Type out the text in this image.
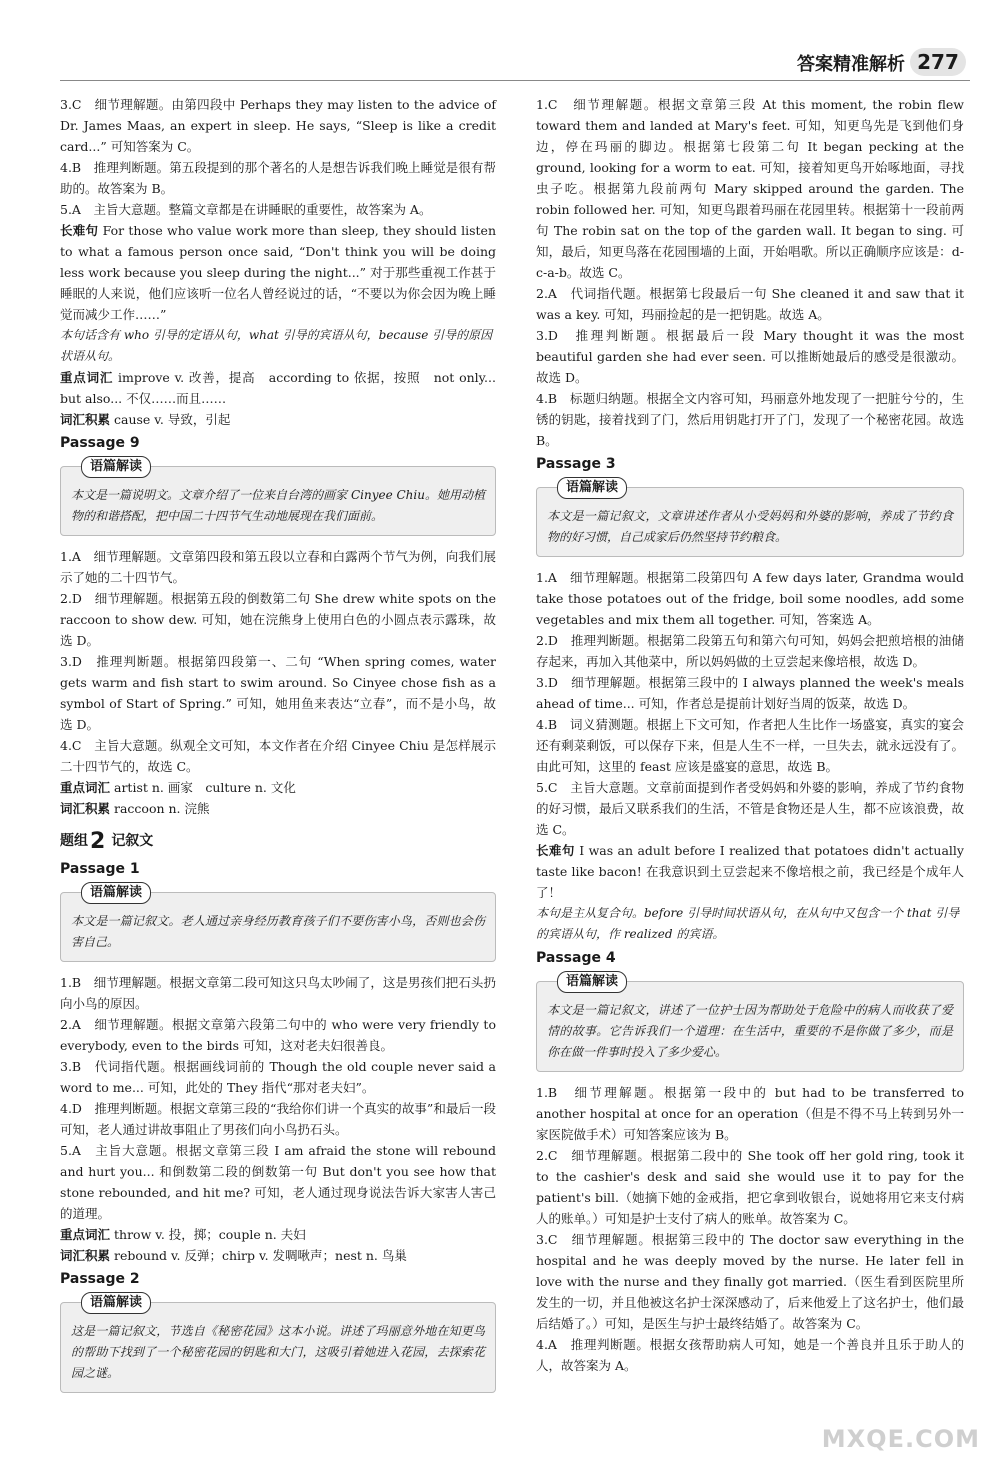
答案精准解析 277

3.C　细节理解题。由第四段中 Perhaps they may listen to the advice of Dr. James Maas, an expert in sleep. He says, “Sleep is like a credit card...” 可知答案为 C。

4.B　推理判断题。第五段提到的那个著名的人是想告诉我们晚上睡觉是很有帮助的。故答案为 B。

5.A　主旨大意题。整篇文章都是在讲睡眠的重要性，故答案为 A。

长难句 For those who value work more than sleep, they should listen to what a famous person once said, “Don't think you will be doing less work because you sleep during the night...” 对于那些重视工作甚于睡眠的人来说，他们应该听一位名人曾经说过的话，“不要以为你会因为晚上睡觉而减少工作……”

本句话含有 who 引导的定语从句，what 引导的宾语从句，because 引导的原因状语从句。

重点词汇 improve v. 改善，提高　according to 依据，按照　not only... but also... 不仅……而且……

词汇积累 cause v. 导致，引起

Passage 9
语篇解读
本文是一篇说明文。文章介绍了一位来自台湾的画家 Cinyee Chiu。她用动植物的和谐搭配，把中国二十四节气生动地展现在我们面前。

1.A　细节理解题。文章第四段和第五段以立春和白露两个节气为例，向我们展示了她的二十四节气。

2.D　细节理解题。根据第五段的倒数第二句 She drew white spots on the raccoon to show dew. 可知，她在浣熊身上使用白色的小圆点表示露珠，故选 D。

3.D　推理判断题。根据第四段第一、二句 “When spring comes, water gets warm and fish start to swim around. So Cinyee chose fish as a symbol of Start of Spring.” 可知，她用鱼来表达“立春”，而不是小鸟，故选 D。

4.C　主旨大意题。纵观全文可知，本文作者在介绍 Cinyee Chiu 是怎样展示二十四节气的，故选 C。

重点词汇 artist n. 画家　culture n. 文化

词汇积累 raccoon n. 浣熊

题组 2 记叙文
Passage 1
语篇解读
本文是一篇记叙文。老人通过亲身经历教育孩子们不要伤害小鸟，否则也会伤害自己。

1.B　细节理解题。根据文章第二段可知这只鸟太吵闹了，这是男孩们把石头扔向小鸟的原因。

2.A　细节理解题。根据文章第六段第二句中的 who were very friendly to everybody, even to the birds 可知，这对老夫妇很善良。

3.B　代词指代题。根据画线词前的 Though the old couple never said a word to me... 可知，此处的 They 指代“那对老夫妇”。

4.D　推理判断题。根据文章第三段的“我给你们讲一个真实的故事”和最后一段可知，老人通过讲故事阻止了男孩们向小鸟扔石头。

5.A　主旨大意题。根据文章第三段 I am afraid the stone will rebound and hurt you... 和倒数第二段的倒数第一句 But don't you see how that stone rebounded, and hit me? 可知，老人通过现身说法告诉大家害人害己的道理。

重点词汇 throw v. 投，掷；couple n. 夫妇

词汇积累 rebound v. 反弹；chirp v. 发啁啾声；nest n. 鸟巢

Passage 2
语篇解读
这是一篇记叙文，节选自《秘密花园》这本小说。讲述了玛丽意外地在知更鸟的帮助下找到了一个秘密花园的钥匙和大门，这吸引着她进入花园，去探索花园之谜。

1.C　细节理解题。根据文章第三段 At this moment, the robin flew toward them and landed at Mary's feet. 可知，知更鸟先是飞到他们身边，停在玛丽的脚边。根据第七段第二句 It began pecking at the ground, looking for a worm to eat. 可知，接着知更鸟开始啄地面，寻找虫子吃。根据第九段前两句 Mary skipped around the garden. The robin followed her. 可知，知更鸟跟着玛丽在花园里转。根据第十一段前两句 The robin sat on the top of the garden wall. It began to sing. 可知，最后，知更鸟落在花园围墙的上面，开始唱歌。所以正确顺序应该是：d-c-a-b。故选 C。

2.A　代词指代题。根据第七段最后一句 She cleaned it and saw that it was a key. 可知，玛丽捡起的是一把钥匙。故选 A。

3.D　推理判断题。根据最后一段 Mary thought it was the most beautiful garden she had ever seen. 可以推断她最后的感受是很激动。故选 D。

4.B　标题归纳题。根据全文内容可知，玛丽意外地发现了一把脏兮兮的，生锈的钥匙，接着找到了门，然后用钥匙打开了门，发现了一个秘密花园。故选 B。

Passage 3
语篇解读
本文是一篇记叙文，文章讲述作者从小受妈妈和外婆的影响，养成了节约食物的好习惯，自己成家后仍然坚持节约粮食。

1.A　细节理解题。根据第二段第四句 A few days later, Grandma would take those potatoes out of the fridge, boil some noodles, add some vegetables and mix them all together. 可知，答案选 A。

2.D　推理判断题。根据第二段第五句和第六句可知，妈妈会把煎培根的油储存起来，再加入其他菜中，所以妈妈做的土豆尝起来像培根，故选 D。

3.D　细节理解题。根据第三段中的 I always planned the week's meals ahead of time... 可知，作者总是提前计划好当周的饭菜，故选 D。

4.B　词义猜测题。根据上下文可知，作者把人生比作一场盛宴，真实的宴会还有剩菜剩饭，可以保存下来，但是人生不一样，一旦失去，就永远没有了。由此可知，这里的 feast 应该是盛宴的意思，故选 B。

5.C　主旨大意题。文章前面提到作者受妈妈和外婆的影响，养成了节约食物的好习惯，最后又联系我们的生活，不管是食物还是人生，都不应该浪费，故选 C。

长难句 I was an adult before I realized that potatoes didn't actually taste like bacon! 在我意识到土豆尝起来不像培根之前，我已经是个成年人了！

本句是主从复合句。before 引导时间状语从句，在从句中又包含一个 that 引导的宾语从句，作 realized 的宾语。

Passage 4
语篇解读
本文是一篇记叙文，讲述了一位护士因为帮助处于危险中的病人而收获了爱情的故事。它告诉我们一个道理：在生活中，重要的不是你做了多少，而是你在做一件事时投入了多少爱心。

1.B　细节理解题。根据第一段中的 but had to be transferred to another hospital at once for an operation（但是不得不马上转到另外一家医院做手术）可知答案应该为 B。

2.C　细节理解题。根据第二段中的 She took off her gold ring, took it to the cashier's desk and said she would use it to pay for the patient's bill.（她摘下她的金戒指，把它拿到收银台，说她将用它来支付病人的账单。）可知是护士支付了病人的账单。故答案为 C。

3.C　细节理解题。根据第三段中的 The doctor saw everything in the hospital and he was deeply moved by the nurse. He later fell in love with the nurse and they finally got married.（医生看到医院里所发生的一切，并且他被这名护士深深感动了，后来他爱上了这名护士，他们最后结婚了。）可知，是医生与护士最终结婚了。故答案为 C。

4.A　推理判断题。根据女孩帮助病人可知，她是一个善良并且乐于助人的人，故答案为 A。

MXQE.COM
